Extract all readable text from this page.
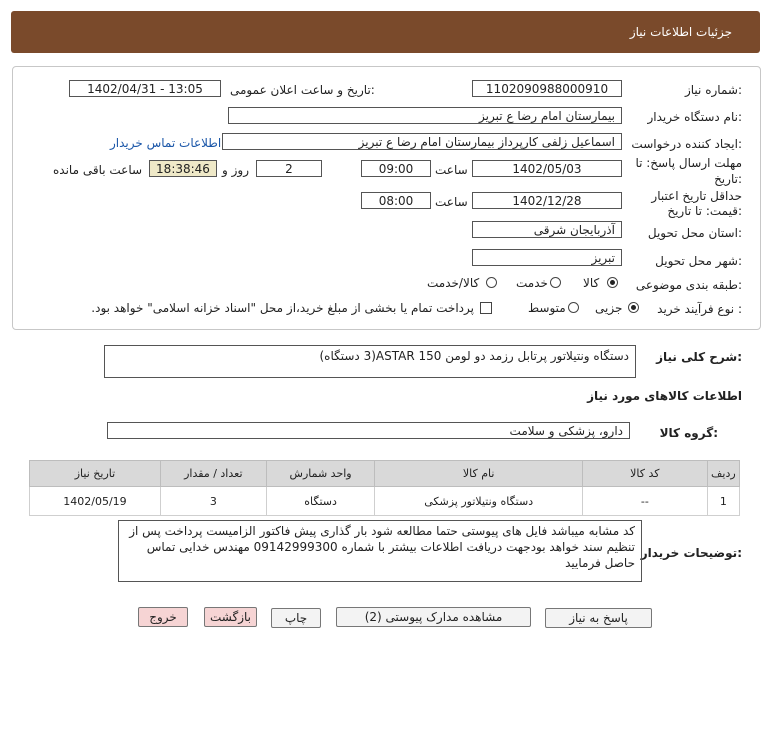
جزئیات اطلاعات نیاز
شماره نیاز:
1102090988000910
تاریخ و ساعت اعلان عمومی:
1402/04/31 - 13:05
نام دستگاه خریدار:
بیمارستان امام رضا ع تبریز
ایجاد کننده درخواست:
اسماعیل زلفی کارپرداز بیمارستان امام رضا ع تبریز
اطلاعات تماس خریدار
مهلت ارسال پاسخ: تا
تاریخ:
1402/05/03
ساعت
09:00
2
روز و
18:38:46
ساعت باقی مانده
حداقل تاریخ اعتبار
قیمت: تا تاریخ:
1402/12/28
ساعت
08:00
استان محل تحویل:
آذربایجان شرقی
شهر محل تحویل:
تبریز
طبقه بندی موضوعی:
کالا
خدمت
کالا/خدمت
نوع فرآیند خرید :
جزیی
متوسط
پرداخت تمام یا بخشی از مبلغ خرید،از محل "اسناد خزانه اسلامی" خواهد بود.
شرح کلی نیاز:
دستگاه ونتیلاتور پرتابل رزمد دو لومن ASTAR 150(3 دستگاه)
اطلاعات کالاهای مورد نیاز
گروه کالا:
دارو، پزشکی و سلامت
ردیف	کد کالا	نام کالا	واحد شمارش	تعداد / مقدار	تاریخ نیاز
1	--	دستگاه ونتیلاتور پزشکی	دستگاه	3	1402/05/19
توضیحات خریدار:
کد مشابه میباشد فایل های پیوستی حتما مطالعه شود بار گذاری پیش فاکتور الزامیست پرداخت پس از تنظیم سند خواهد بودجهت دریافت اطلاعات بیشتر با شماره 09142999300 مهندس خدایی تماس حاصل فرمایید
پاسخ به نیاز
مشاهده مدارک پیوستی (2)
چاپ
بازگشت
خروج
